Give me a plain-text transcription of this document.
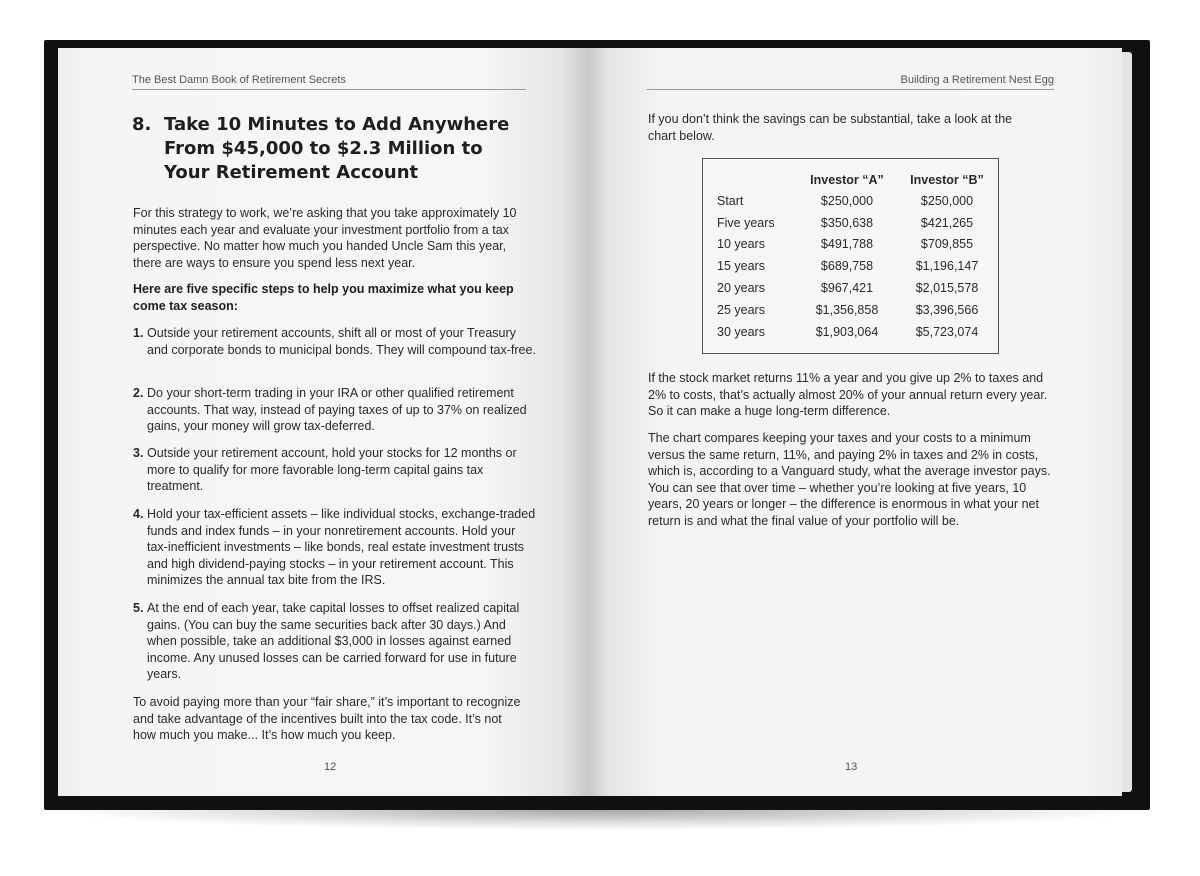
The Best Damn Book of Retirement Secrets
8. Take 10 Minutes to Add Anywhere From $45,000 to $2.3 Million to Your Retirement Account

For this strategy to work, we’re asking that you take approximately 10 minutes each year and evaluate your investment portfolio from a tax perspective. No matter how much you handed Uncle Sam this year, there are ways to ensure you spend less next year.

Here are five specific steps to help you maximize what you keep come tax season:

1. Outside your retirement accounts, shift all or most of your Treasury and corporate bonds to municipal bonds. They will compound tax-free.

2. Do your short-term trading in your IRA or other qualified retirement accounts. That way, instead of paying taxes of up to 37% on realized gains, your money will grow tax-deferred.

3. Outside your retirement account, hold your stocks for 12 months or more to qualify for more favorable long-term capital gains tax treatment.

4. Hold your tax-efficient assets – like individual stocks, exchange-traded funds and index funds – in your nonretirement accounts. Hold your tax-inefficient investments – like bonds, real estate investment trusts and high dividend-paying stocks – in your retirement account. This minimizes the annual tax bite from the IRS.

5. At the end of each year, take capital losses to offset realized capital gains. (You can buy the same securities back after 30 days.) And when possible, take an additional $3,000 in losses against earned income. Any unused losses can be carried forward for use in future years.

To avoid paying more than your “fair share,” it’s important to recognize and take advantage of the incentives built into the tax code. It’s not how much you make... It’s how much you keep.

12
Building a Retirement Nest Egg

If you don’t think the savings can be substantial, take a look at the chart below.

	Investor “A”	Investor “B”
Start	$250,000	$250,000
Five years	$350,638	$421,265
10 years	$491,788	$709,855
15 years	$689,758	$1,196,147
20 years	$967,421	$2,015,578
25 years	$1,356,858	$3,396,566
30 years	$1,903,064	$5,723,074

If the stock market returns 11% a year and you give up 2% to taxes and 2% to costs, that’s actually almost 20% of your annual return every year. So it can make a huge long-term difference.

The chart compares keeping your taxes and your costs to a minimum versus the same return, 11%, and paying 2% in taxes and 2% in costs, which is, according to a Vanguard study, what the average investor pays. You can see that over time – whether you’re looking at five years, 10 years, 20 years or longer – the difference is enormous in what your net return is and what the final value of your portfolio will be.

13
